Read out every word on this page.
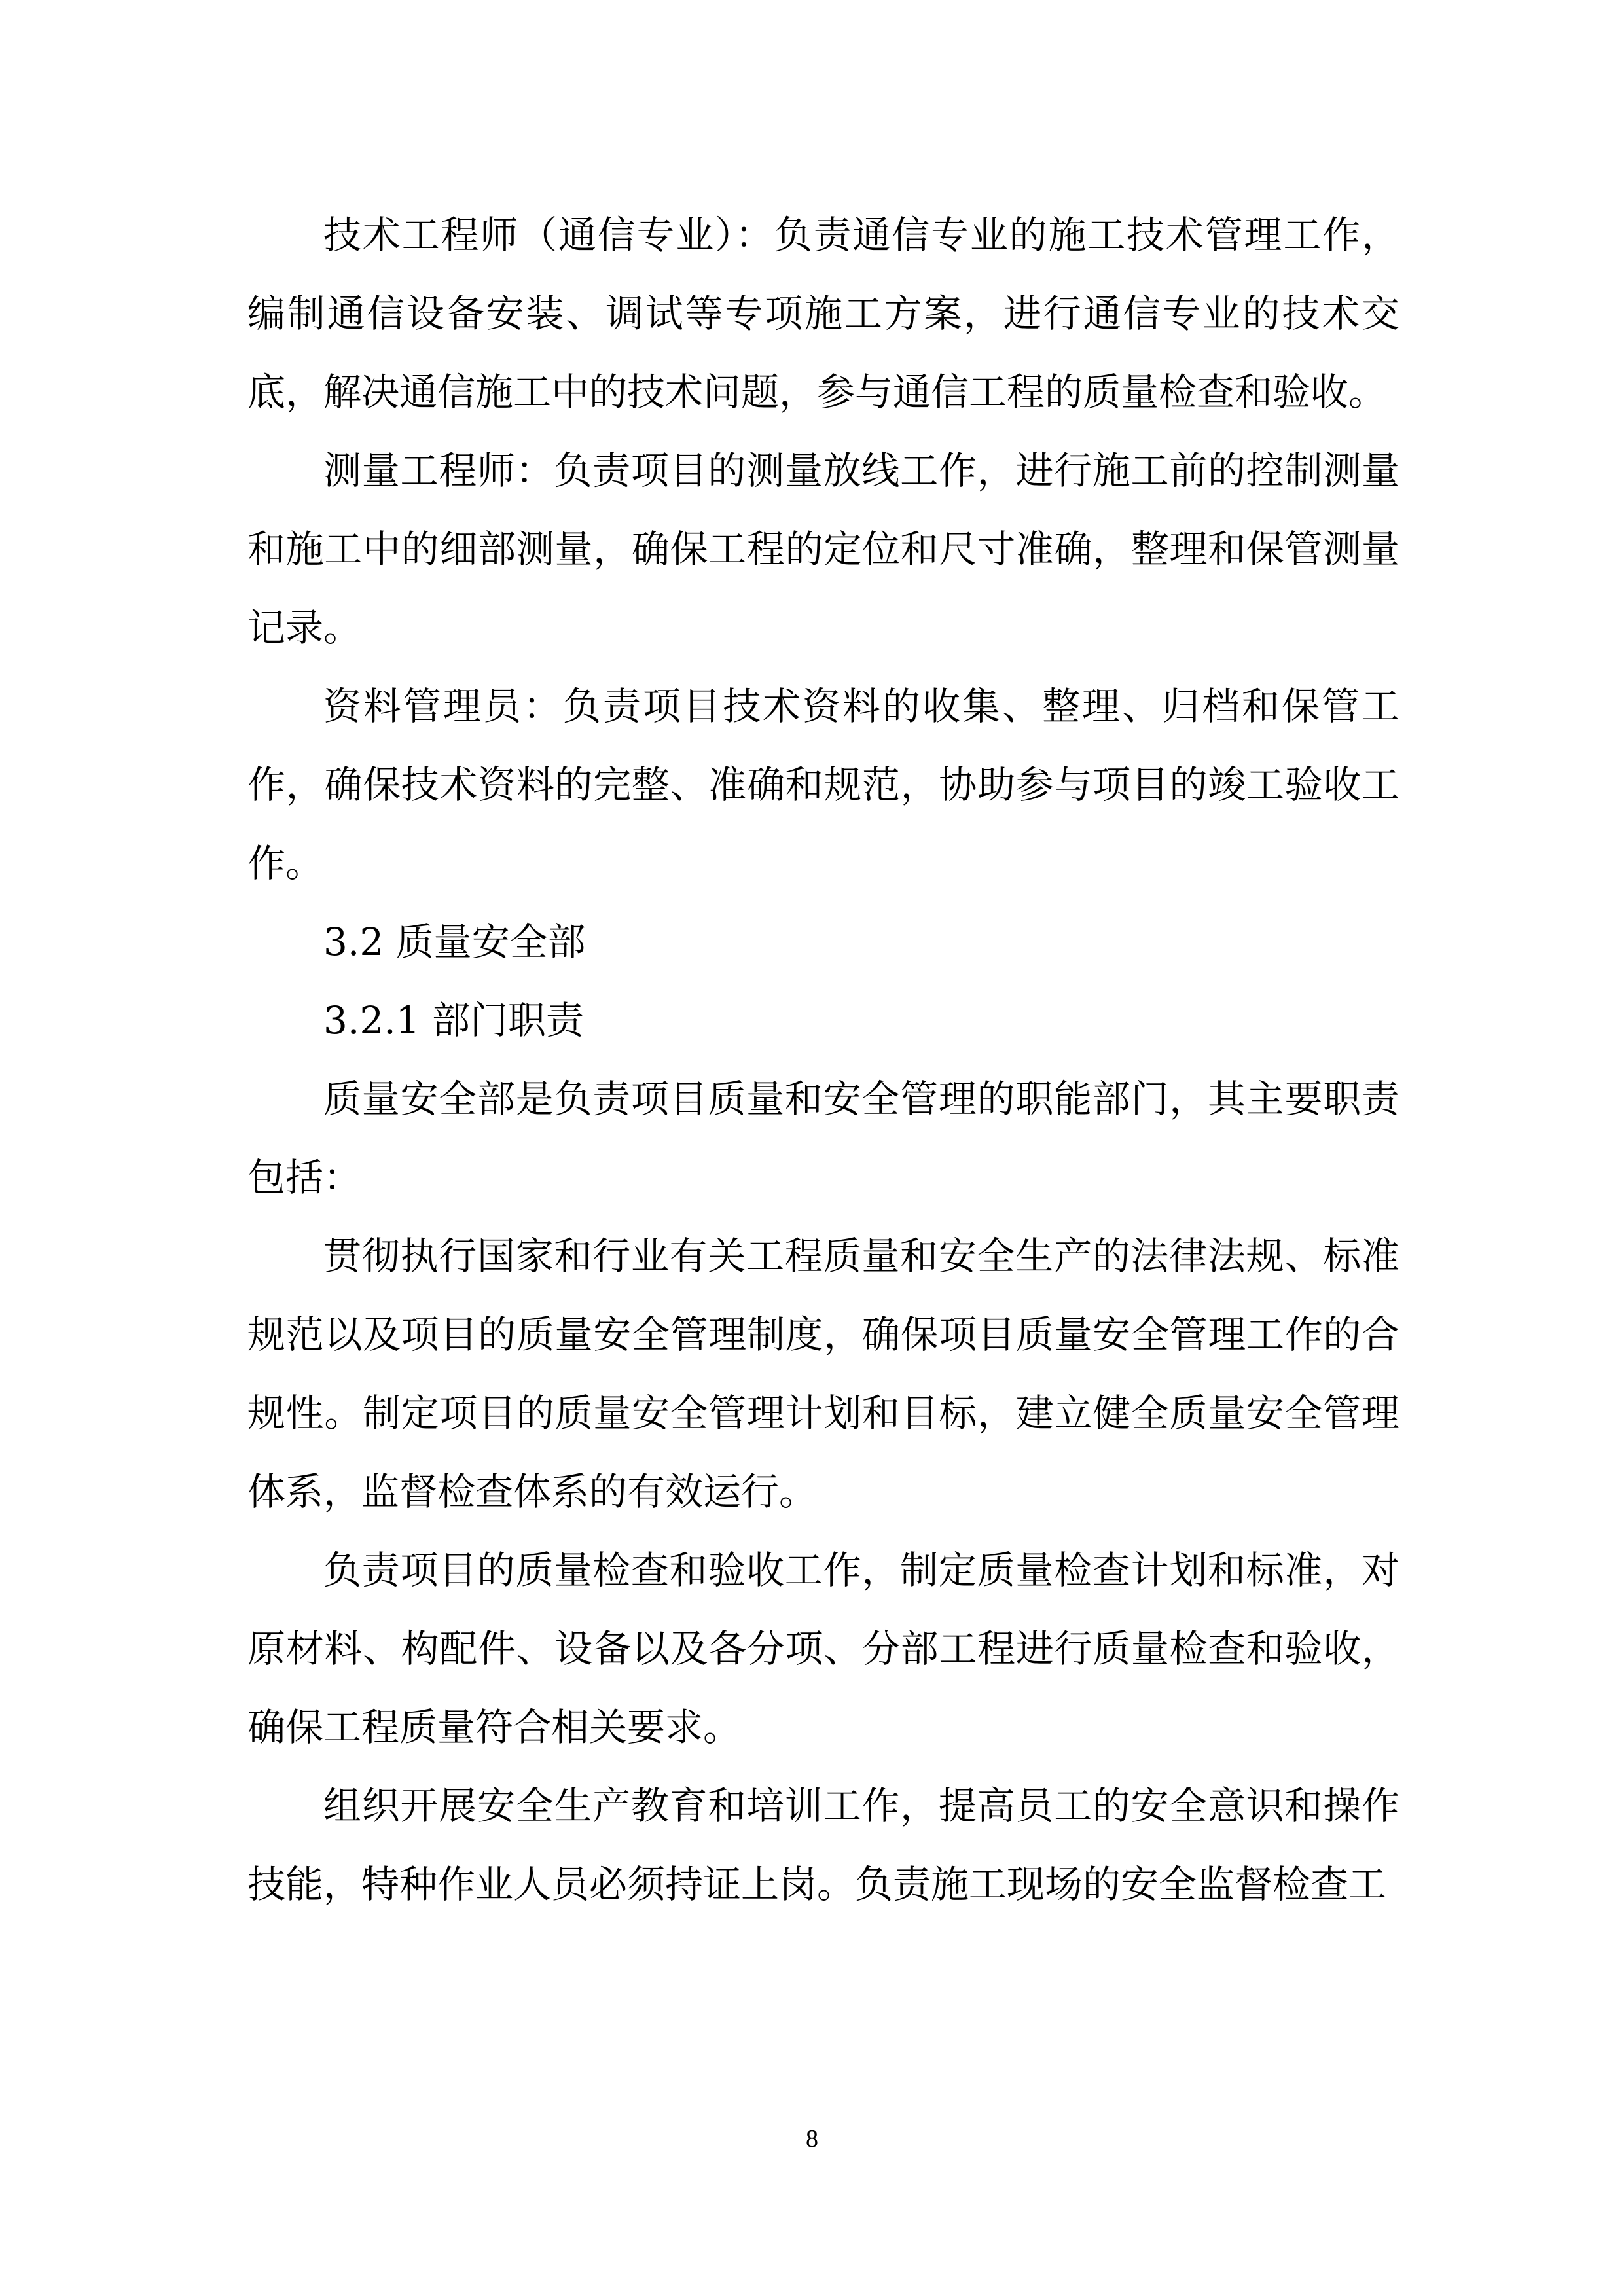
技术工程师（通信专业）：负责通信专业的施工技术管理工作，编制通信设备安装、调试等专项施工方案，进行通信专业的技术交底，解决通信施工中的技术问题，参与通信工程的质量检查和验收。

测量工程师：负责项目的测量放线工作，进行施工前的控制测量和施工中的细部测量，确保工程的定位和尺寸准确，整理和保管测量记录。

资料管理员：负责项目技术资料的收集、整理、归档和保管工作，确保技术资料的完整、准确和规范，协助参与项目的竣工验收工作。

3.2 质量安全部

3.2.1 部门职责

质量安全部是负责项目质量和安全管理的职能部门，其主要职责包括：

贯彻执行国家和行业有关工程质量和安全生产的法律法规、标准规范以及项目的质量安全管理制度，确保项目质量安全管理工作的合规性。制定项目的质量安全管理计划和目标，建立健全质量安全管理体系，监督检查体系的有效运行。

负责项目的质量检查和验收工作，制定质量检查计划和标准，对原材料、构配件、设备以及各分项、分部工程进行质量检查和验收，确保工程质量符合相关要求。

组织开展安全生产教育和培训工作，提高员工的安全意识和操作技能，特种作业人员必须持证上岗。负责施工现场的安全监督检查工

8
